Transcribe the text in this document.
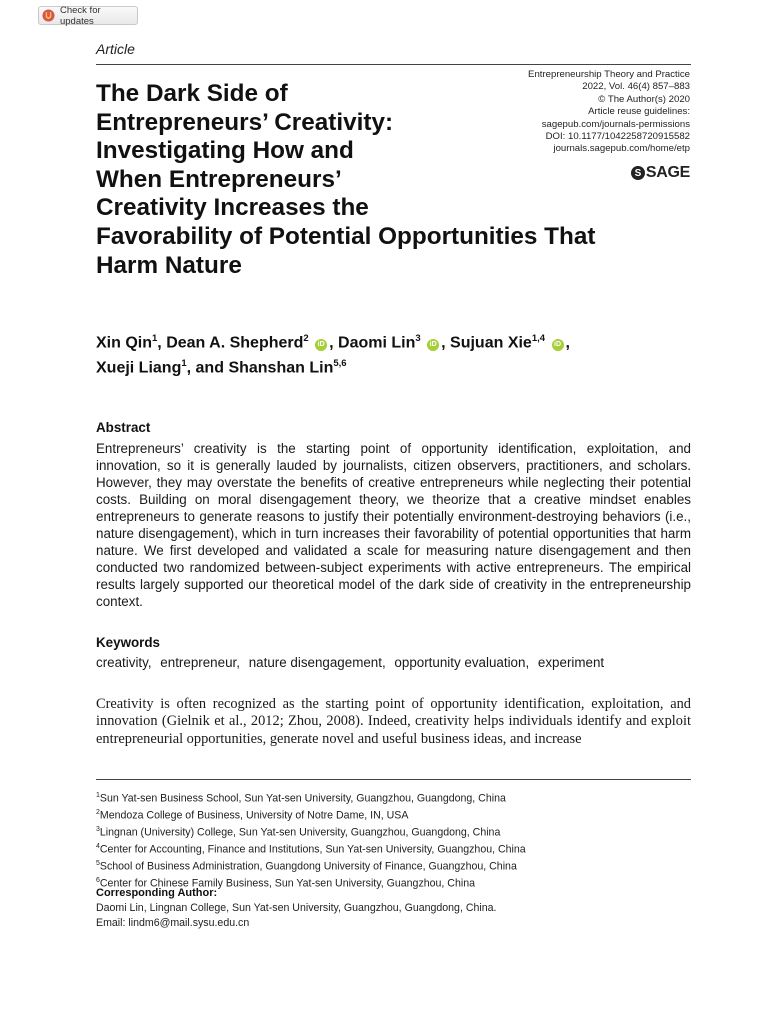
Check for updates
Article
Entrepreneurship Theory and Practice
2022, Vol. 46(4) 857–883
© The Author(s) 2020
Article reuse guidelines:
sagepub.com/journals-permissions
DOI: 10.1177/1042258720915582
journals.sagepub.com/home/etp
S SAGE
The Dark Side of
Entrepreneurs’ Creativity:
Investigating How and
When Entrepreneurs’
Creativity Increases the
Favorability of Potential Opportunities That
Harm Nature
Xin Qin$^1$, Dean A. Shepherd$^2$ iD , Daomi Lin$^3$ iD , Sujuan Xie$^{1,4}$ iD ,
Xueji Liang$^1$, and Shanshan Lin$^{5,6}$
Abstract

Entrepreneurs’ creativity is the starting point of opportunity identification, exploitation, and innovation, so it is generally lauded by journalists, citizen observers, practitioners, and scholars. However, they may overstate the benefits of creative entrepreneurs while neglecting their potential costs. Building on moral disengagement theory, we theorize that a creative mindset enables entrepreneurs to generate reasons to justify their potentially environment-destroying behaviors (i.e., nature disengagement), which in turn increases their favorability of potential opportunities that harm nature. We first developed and validated a scale for measuring nature disengagement and then conducted two randomized between-subject experiments with active entrepreneurs. The empirical results largely supported our theoretical model of the dark side of creativity in the entrepreneurship context.

Keywords
creativity, entrepreneur, nature disengagement, opportunity evaluation, experiment

Creativity is often recognized as the starting point of opportunity identification, exploitation, and innovation (Gielnik et al., 2012; Zhou, 2008). Indeed, creativity helps individuals identify and exploit entrepreneurial opportunities, generate novel and useful business ideas, and increase

$^1$Sun Yat-sen Business School, Sun Yat-sen University, Guangzhou, Guangdong, China
$^2$Mendoza College of Business, University of Notre Dame, IN, USA
$^3$Lingnan (University) College, Sun Yat-sen University, Guangzhou, Guangdong, China
$^4$Center for Accounting, Finance and Institutions, Sun Yat-sen University, Guangzhou, China
$^5$School of Business Administration, Guangdong University of Finance, Guangzhou, China
$^6$Center for Chinese Family Business, Sun Yat-sen University, Guangzhou, China
Corresponding Author:
Daomi Lin, Lingnan College, Sun Yat-sen University, Guangzhou, Guangdong, China.
Email: lindm6@mail.sysu.edu.cn
